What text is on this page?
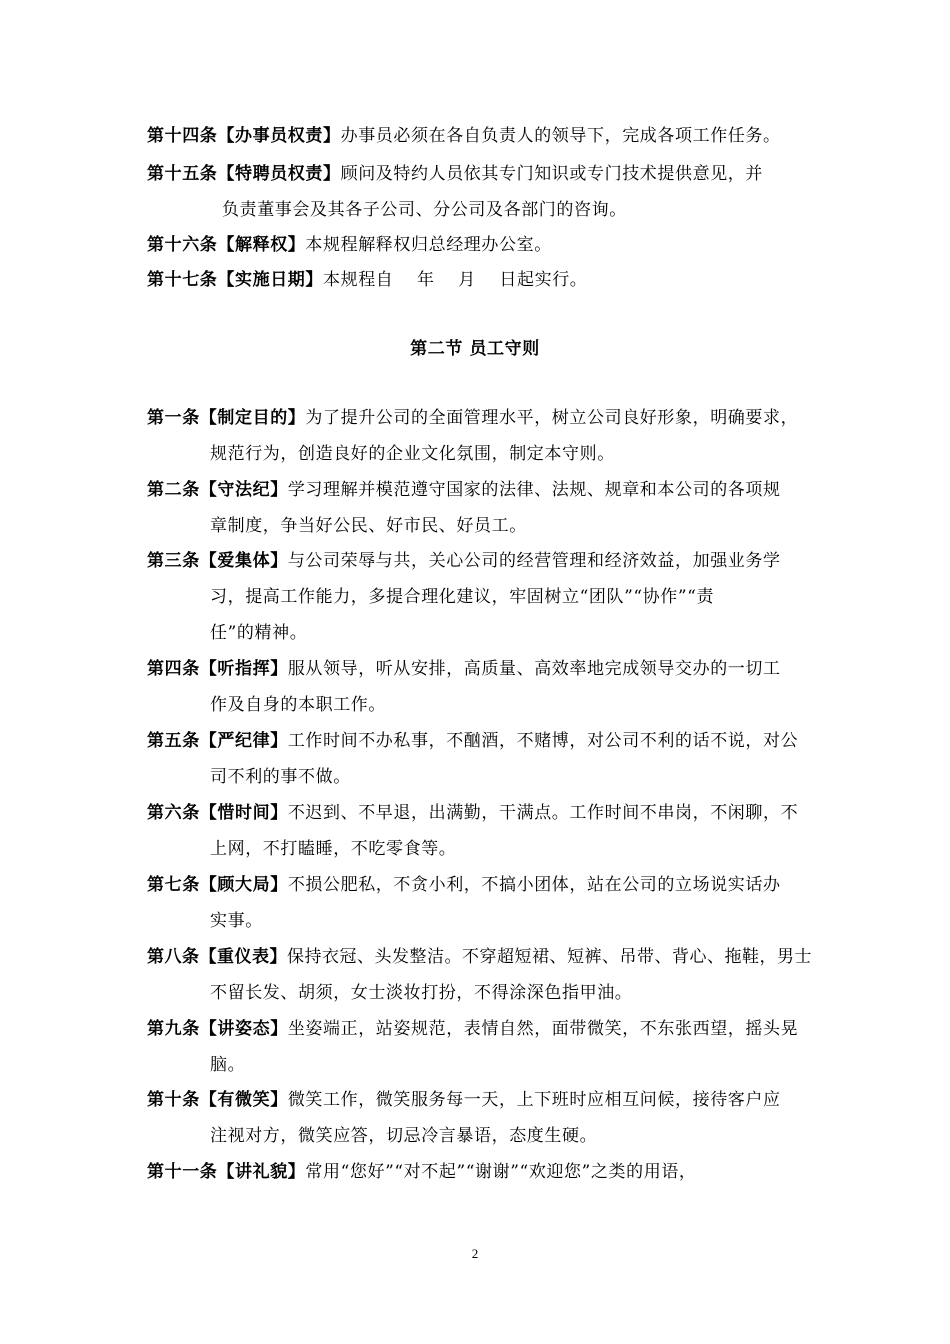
第十四条【办事员权责】办事员必须在各自负责人的领导下，完成各项工作任务。
第十五条【特聘员权责】顾问及特约人员依其专门知识或专门技术提供意见，并
负责董事会及其各子公司、分公司及各部门的咨询。
第十六条【解释权】本规程解释权归总经理办公室。
第十七条【实施日期】本规程自　 年　 月　 日起实行。
第二节 员工守则
第一条【制定目的】为了提升公司的全面管理水平，树立公司良好形象，明确要求，
规范行为，创造良好的企业文化氛围，制定本守则。
第二条【守法纪】学习理解并模范遵守国家的法律、法规、规章和本公司的各项规
章制度，争当好公民、好市民、好员工。
第三条【爱集体】与公司荣辱与共，关心公司的经营管理和经济效益，加强业务学
习，提高工作能力，多提合理化建议，牢固树立“团队”“协作”“责
任”的精神。
第四条【听指挥】服从领导，听从安排，高质量、高效率地完成领导交办的一切工
作及自身的本职工作。
第五条【严纪律】工作时间不办私事，不酗酒，不赌博，对公司不利的话不说，对公
司不利的事不做。
第六条【惜时间】不迟到、不早退，出满勤，干满点。工作时间不串岗，不闲聊，不
上网，不打瞌睡，不吃零食等。
第七条【顾大局】不损公肥私，不贪小利，不搞小团体，站在公司的立场说实话办
实事。
第八条【重仪表】保持衣冠、头发整洁。不穿超短裙、短裤、吊带、背心、拖鞋，男士
不留长发、胡须，女士淡妆打扮，不得涂深色指甲油。
第九条【讲姿态】坐姿端正，站姿规范，表情自然，面带微笑，不东张西望，摇头晃
脑。
第十条【有微笑】微笑工作，微笑服务每一天，上下班时应相互问候，接待客户应
注视对方，微笑应答，切忌冷言暴语，态度生硬。
第十一条【讲礼貌】常用“您好”“对不起”“谢谢”“欢迎您”之类的用语，
2
